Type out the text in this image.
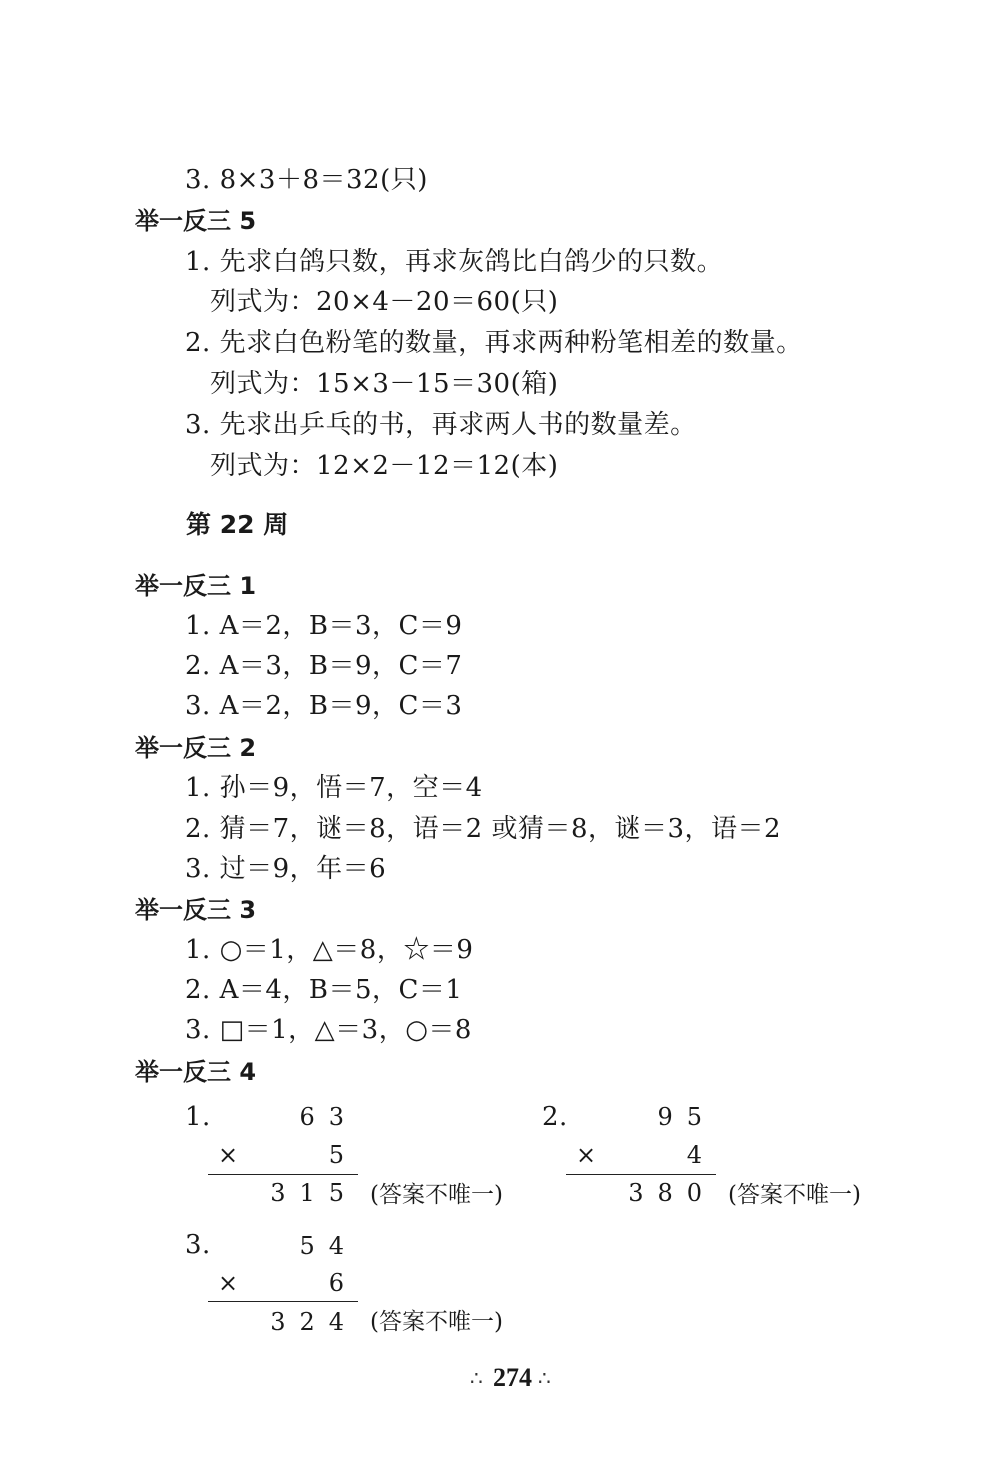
3. 8×3＋8＝32(只)
举一反三 5
1. 先求白鸽只数，再求灰鸽比白鸽少的只数。
列式为：20×4－20＝60(只)
2. 先求白色粉笔的数量，再求两种粉笔相差的数量。
列式为：15×3－15＝30(箱)
3. 先求出乒乓的书，再求两人书的数量差。
列式为：12×2－12＝12(本)
第 22 周
举一反三 1
1. A＝2，B＝3，C＝9
2. A＝3，B＝9，C＝7
3. A＝2，B＝9，C＝3
举一反三 2
1. 孙＝9，悟＝7，空＝4
2. 猜＝7，谜＝8，语＝2 或猜＝8，谜＝3，语＝2
3. 过＝9，年＝6
举一反三 3
1. ○＝1，△＝8，☆＝9
2. A＝4，B＝5，C＝1
3. □＝1，△＝3，○＝8
举一反三 4
1.	63
×	5
315 (答案不唯一)
2.	95
×	4
380 (答案不唯一)
3.	54
×	6
324 (答案不唯一)
∴ 274 ∴
